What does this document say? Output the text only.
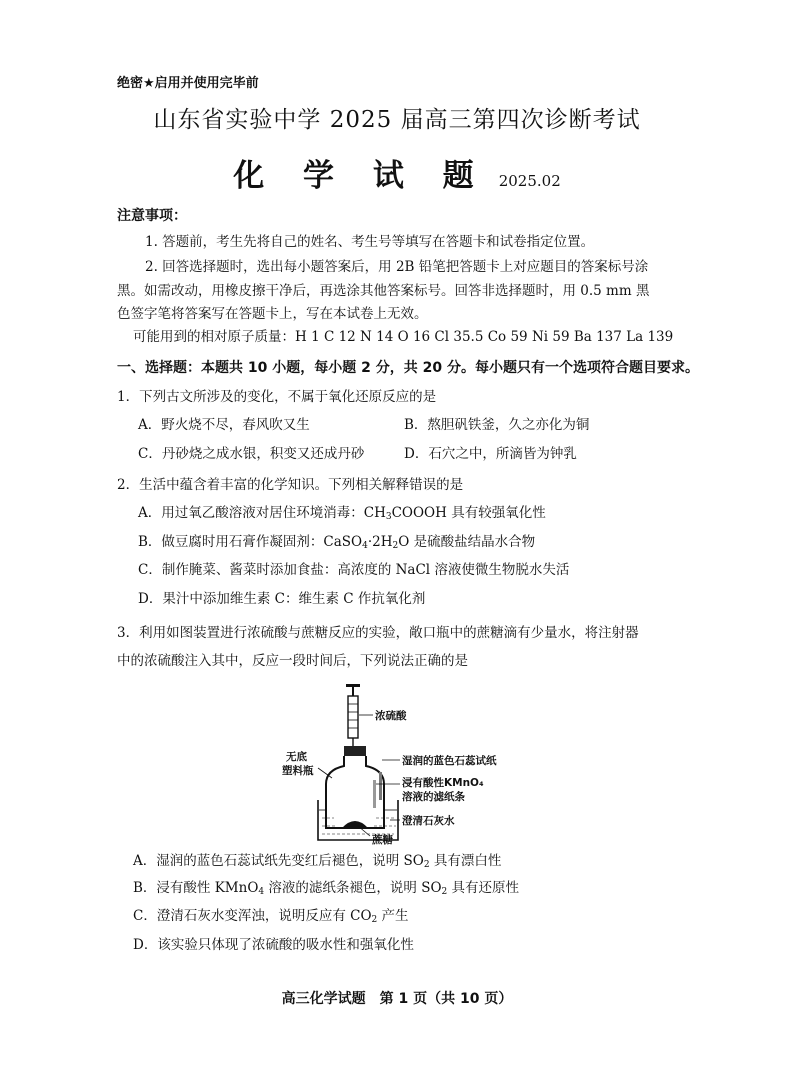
绝密★启用并使用完毕前
山东省实验中学 2025 届高三第四次诊断考试
化 学 试 题 2025.02
注意事项：
1. 答题前，考生先将自己的姓名、考生号等填写在答题卡和试卷指定位置。
2. 回答选择题时，选出每小题答案后，用 2B 铅笔把答题卡上对应题目的答案标号涂
黑。如需改动，用橡皮擦干净后，再选涂其他答案标号。回答非选择题时，用 0.5 mm 黑
色签字笔将答案写在答题卡上，写在本试卷上无效。
可能用到的相对原子质量：H 1 C 12 N 14 O 16 Cl 35.5 Co 59 Ni 59 Ba 137 La 139
一、选择题：本题共 10 小题，每小题 2 分，共 20 分。每小题只有一个选项符合题目要求。
1．下列古文所涉及的变化，不属于氧化还原反应的是
A．野火烧不尽，春风吹又生	B．熬胆矾铁釜，久之亦化为铜
C．丹砂烧之成水银，积变又还成丹砂	D．石穴之中，所滴皆为钟乳
2．生活中蕴含着丰富的化学知识。下列相关解释错误的是
A．用过氧乙酸溶液对居住环境消毒：$CH_3COOOH$ 具有较强氧化性
B．做豆腐时用石膏作凝固剂：$CaSO_4\cdot 2H_2O$ 是硫酸盐结晶水合物
C．制作腌菜、酱菜时添加食盐：高浓度的 NaCl 溶液使微生物脱水失活
D．果汁中添加维生素 C：维生素 C 作抗氧化剂
3．利用如图装置进行浓硫酸与蔗糖反应的实验，敞口瓶中的蔗糖滴有少量水，将注射器
中的浓硫酸注入其中，反应一段时间后，下列说法正确的是
浓硫酸
无底
塑料瓶
湿润的蓝色石蕊试纸
浸有酸性KMnO₄
溶液的滤纸条
澄清石灰水
蔗糖
A．湿润的蓝色石蕊试纸先变红后褪色，说明 $SO_2$ 具有漂白性
B．浸有酸性 KMnO$_4$ 溶液的滤纸条褪色，说明 $SO_2$ 具有还原性
C．澄清石灰水变浑浊，说明反应有 $CO_2$ 产生
D．该实验只体现了浓硫酸的吸水性和强氧化性
高三化学试题　第 1 页（共 10 页）
